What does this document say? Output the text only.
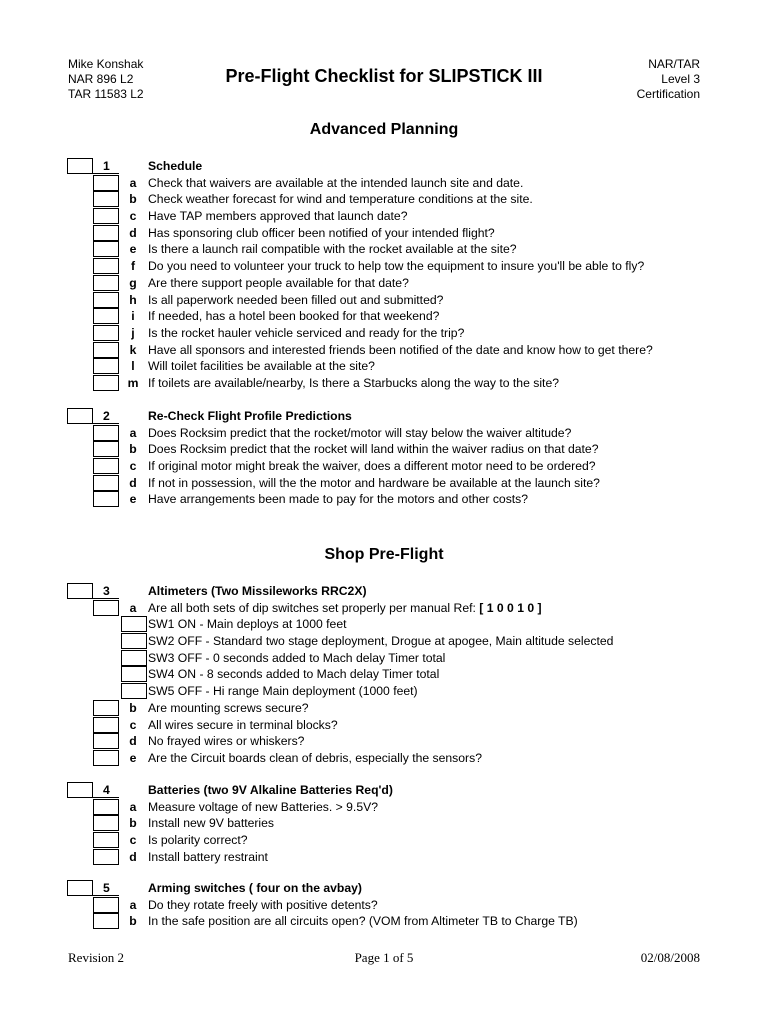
Mike Konshak
NAR 896 L2
TAR 11583 L2
Pre-Flight Checklist for SLIPSTICK III
NAR/TAR
Level 3
Certification
Advanced Planning
Shop Pre-Flight
1	Schedule
a Check that waivers are available at the intended launch site and date.
b Check weather forecast for wind and temperature conditions at the site.
c Have TAP members approved that launch date?
d Has sponsoring club officer been notified of your intended flight?
e Is there a launch rail compatible with the rocket available at the site?
f	Do you need to volunteer your truck to help tow the equipment to insure you'll be able to fly?
g Are there support people available for that date?
h Is all paperwork needed been filled out and submitted?
i	If needed, has a hotel been booked for that weekend?
j	Is the rocket hauler vehicle serviced and ready for the trip?
k Have all sponsors and interested friends been notified of the date and know how to get there?
l	Will toilet facilities be available at the site?
m If toilets are available/nearby, Is there a Starbucks along the way to the site?
2	Re-Check Flight Profile Predictions
a Does Rocksim predict that the rocket/motor will stay below the waiver altitude?
b Does Rocksim predict that the rocket will land within the waiver radius on that date?
c If original motor might break the waiver, does a different motor need to be ordered?
d If not in possession, will the the motor and hardware be available at the launch site?
e Have arrangements been made to pay for the motors and other costs?
3	Altimeters (Two Missileworks RRC2X)
a Are all both sets of dip switches set properly per manual Ref: [ 1 0 0 1 0 ]
SW1 ON - Main deploys at 1000 feet
SW2 OFF - Standard two stage deployment, Drogue at apogee, Main altitude selected
SW3 OFF - 0 seconds added to Mach delay Timer total
SW4 ON - 8 seconds added to Mach delay Timer total
SW5 OFF - Hi range Main deployment (1000 feet)
b Are mounting screws secure?
c All wires secure in terminal blocks?
d No frayed wires or whiskers?
e Are the Circuit boards clean of debris, especially the sensors?
4	Batteries (two 9V Alkaline Batteries Req'd)
a Measure voltage of new Batteries. > 9.5V?
b Install new 9V batteries
c Is polarity correct?
d Install battery restraint
5	Arming switches ( four on the avbay)
a Do they rotate freely with positive detents?
b In the safe position are all circuits open? (VOM from Altimeter TB to Charge TB)
Revision 2	Page 1 of 5	02/08/2008
